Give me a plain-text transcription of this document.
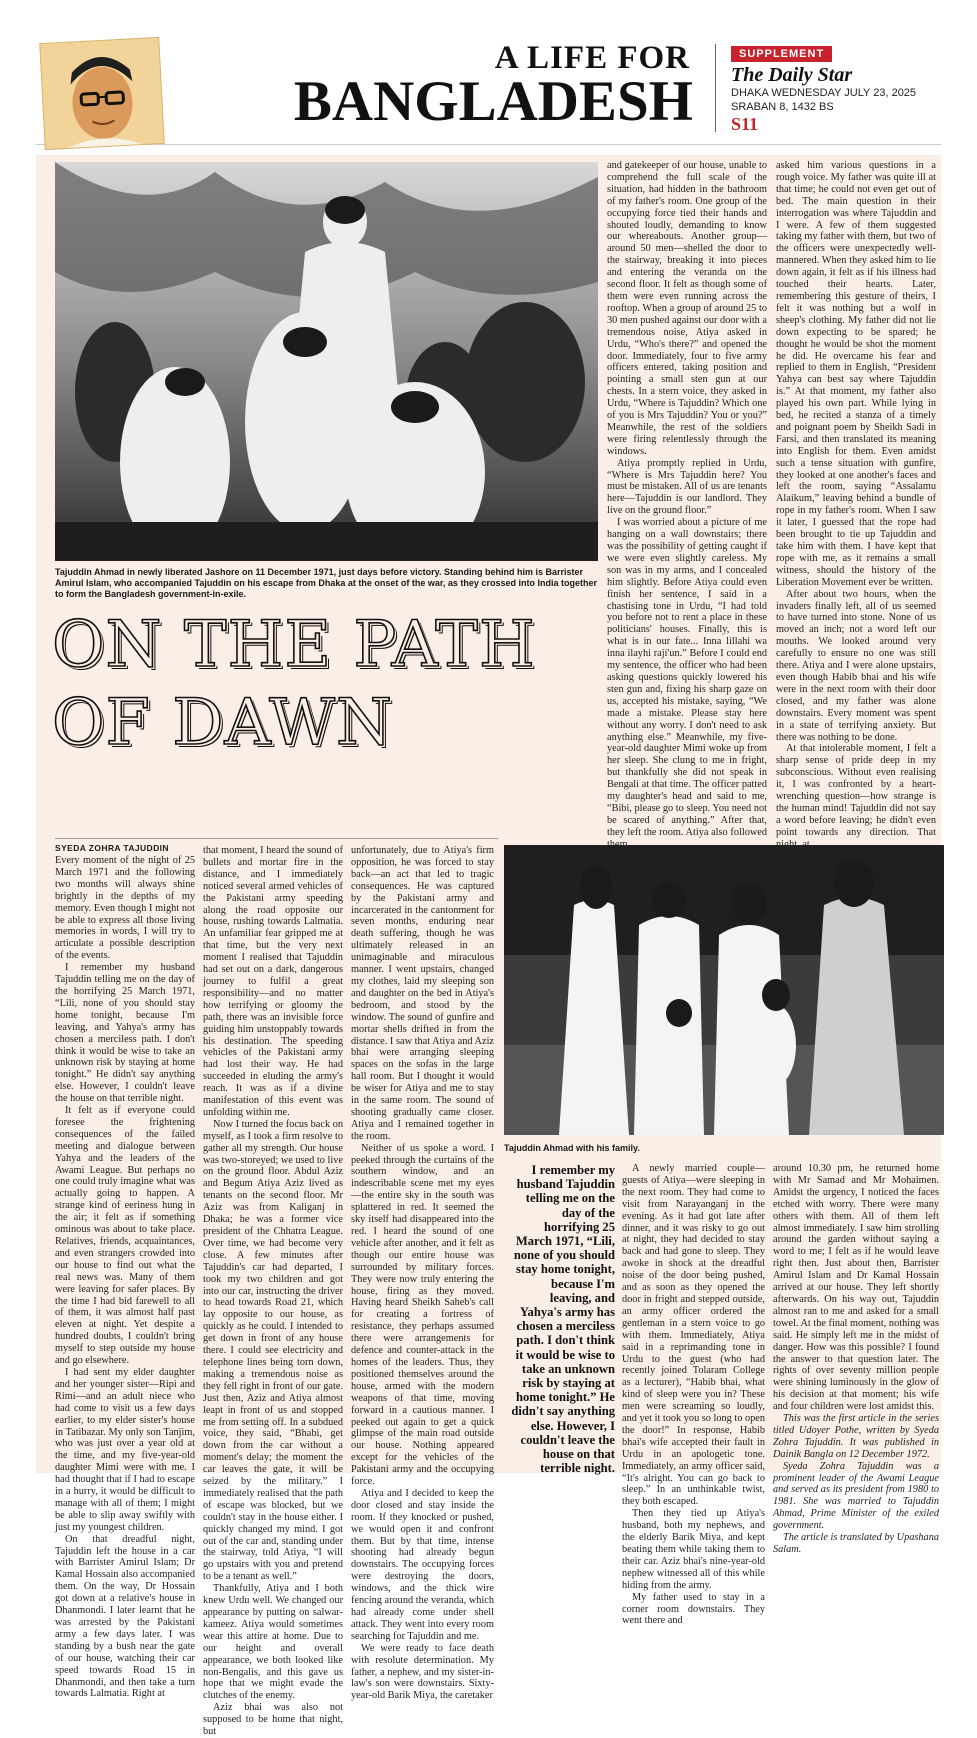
A LIFE FOR
BANGLADESH
SUPPLEMENT
The Daily Star
DHAKA WEDNESDAY JULY 23, 2025
SRABAN 8, 1432 BS
S11
Tajuddin Ahmad in newly liberated Jashore on 11 December 1971, just days before victory. Standing behind him is Barrister Amirul Islam, who accompanied Tajuddin on his escape from Dhaka at the onset of the war, as they crossed into India together to form the Bangladesh government-in-exile.
ON THE PATH
OF DAWN

and gatekeeper of our house, unable to comprehend the full scale of the situation, had hidden in the bathroom of my father's room. One group of the occupying force tied their hands and shouted loudly, demanding to know our whereabouts. Another group—around 50 men—shelled the door to the stairway, breaking it into pieces and entering the veranda on the second floor. It felt as though some of them were even running across the rooftop. When a group of around 25 to 30 men pushed against our door with a tremendous noise, Atiya asked in Urdu, “Who's there?” and opened the door. Immediately, four to five army officers entered, taking position and pointing a small sten gun at our chests. In a stern voice, they asked in Urdu, “Where is Tajuddin? Which one of you is Mrs Tajuddin? You or you?” Meanwhile, the rest of the soldiers were firing relentlessly through the windows.

Atiya promptly replied in Urdu, “Where is Mrs Tajuddin here? You must be mistaken. All of us are tenants here—Tajuddin is our landlord. They live on the ground floor.”

I was worried about a picture of me hanging on a wall downstairs; there was the possibility of getting caught if we were even slightly careless. My son was in my arms, and I concealed him slightly. Before Atiya could even finish her sentence, I said in a chastising tone in Urdu, “I had told you before not to rent a place in these politicians' houses. Finally, this is what is in our fate... Inna lillahi wa inna ilayhi raji'un.” Before I could end my sentence, the officer who had been asking questions quickly lowered his sten gun and, fixing his sharp gaze on us, accepted his mistake, saying, “We made a mistake. Please stay here without any worry. I don't need to ask anything else.” Meanwhile, my five-year-old daughter Mimi woke up from her sleep. She clung to me in fright, but thankfully she did not speak in Bengali at that time. The officer patted my daughter's head and said to me, “Bibi, please go to sleep. You need not be scared of anything.” After that, they left the room. Atiya also followed

asked him various questions in a rough voice. My father was quite ill at that time; he could not even get out of bed. The main question in their interrogation was where Tajuddin and I were. A few of them suggested taking my father with them, but two of the officers were unexpectedly well-mannered. When they asked him to lie down again, it felt as if his illness had touched their hearts. Later, remembering this gesture of theirs, I felt it was nothing but a wolf in sheep's clothing. My father did not lie down expecting to be spared; he thought he would be shot the moment he did. He overcame his fear and replied to them in English, “President Yahya can best say where Tajuddin is.” At that moment, my father also played his own part. While lying in bed, he recited a stanza of a timely and poignant poem by Sheikh Sadi in Farsi, and then translated its meaning into English for them. Even amidst such a tense situation with gunfire, they looked at one another's faces and left the room, saying “Assalamu Alaikum,” leaving behind a bundle of rope in my father's room. When I saw it later, I guessed that the rope had been brought to tie up Tajuddin and take him with them. I have kept that rope with me, as it remains a small witness, should the history of the Liberation Movement ever be written.

After about two hours, when the invaders finally left, all of us seemed to have turned into stone. None of us moved an inch; not a word left our mouths. We looked around very carefully to ensure no one was still there. Atiya and I were alone upstairs, even though Habib bhai and his wife were in the next room with their door closed, and my father was alone downstairs. Every moment was spent in a state of terrifying anxiety. But there was nothing to be done.

At that intolerable moment, I felt a sharp sense of pride deep in my subconscious. Without even realising it, I was confronted by a heart-wrenching question—how strange is the human mind! Tajuddin did not say a word before leaving; he didn't even point towards any direction. That

SYEDA ZOHRA TAJUDDIN

Every moment of the night of 25 March 1971 and the following two months will always shine brightly in the depths of my memory. Even though I might not be able to express all those living memories in words, I will try to articulate a possible description of the events.

I remember my husband Tajuddin telling me on the day of the horrifying 25 March 1971, “Lili, none of you should stay home tonight, because I'm leaving, and Yahya's army has chosen a merciless path. I don't think it would be wise to take an unknown risk by staying at home tonight.” He didn't say anything else. However, I couldn't leave the house on that terrible night.

It felt as if everyone could foresee the frightening consequences of the failed meeting and dialogue between Yahya and the leaders of the Awami League. But perhaps no one could truly imagine what was actually going to happen. A strange kind of eeriness hung in the air; it felt as if something ominous was about to take place. Relatives, friends, acquaintances, and even strangers crowded into our house to find out what the real news was. Many of them were leaving for safer places. By the time I had bid farewell to all of them, it was almost half past eleven at night. Yet despite a hundred doubts, I couldn't bring myself to step outside my house and go elsewhere.

I had sent my elder daughter and her younger sister—Ripi and Rimi—and an adult niece who had come to visit us a few days earlier, to my elder sister's house in Tatibazar. My only son Tanjim, who was just over a year old at the time, and my five-year-old daughter Mimi were with me. I had thought that if I had to escape in a hurry, it would be difficult to manage with all of them; I might be able to slip away swiftly with just my youngest children.

On that dreadful night, Tajuddin left the house in a car with Barrister Amirul Islam; Dr Kamal Hossain also accompanied them. On the way, Dr Hossain got down at a relative's house in Dhanmondi. I later learnt that he was arrested by the Pakistani army a few days later. I was standing by a bush near the gate of our house, watching their car speed towards Road 15 in Dhanmondi, and then take a turn towards Lalmatia. Right at

that moment, I heard the sound of bullets and mortar fire in the distance, and I immediately noticed several armed vehicles of the Pakistani army speeding along the road opposite our house, rushing towards Lalmatia. An unfamiliar fear gripped me at that time, but the very next moment I realised that Tajuddin had set out on a dark, dangerous journey to fulfil a great responsibility—and no matter how terrifying or gloomy the path, there was an invisible force guiding him unstoppably towards his destination. The speeding vehicles of the Pakistani army had lost their way. He had succeeded in eluding the army's reach. It was as if a divine manifestation of this event was unfolding within me.

Now I turned the focus back on myself, as I took a firm resolve to gather all my strength. Our house was two-storeyed; we used to live on the ground floor. Abdul Aziz and Begum Atiya Aziz lived as tenants on the second floor. Mr Aziz was from Kaliganj in Dhaka; he was a former vice president of the Chhatra League. Over time, we had become very close. A few minutes after Tajuddin's car had departed, I took my two children and got into our car, instructing the driver to head towards Road 21, which lay opposite to our house, as quickly as he could. I intended to get down in front of any house there. I could see electricity and telephone lines being torn down, making a tremendous noise as they fell right in front of our gate. Just then, Aziz and Atiya almost leapt in front of us and stopped me from setting off. In a subdued voice, they said, “Bhabi, get down from the car without a moment's delay; the moment the car leaves the gate, it will be seized by the military.” I immediately realised that the path of escape was blocked, but we couldn't stay in the house either. I quickly changed my mind. I got out of the car and, standing under the stairway, told Atiya, “I will go upstairs with you and pretend to be a tenant as well.”

Thankfully, Atiya and I both knew Urdu well. We changed our appearance by putting on salwar-kameez. Atiya would sometimes wear this attire at home. Due to our height and overall appearance, we both looked like non-Bengalis, and this gave us hope that we might evade the clutches of the enemy.

Aziz bhai was also not supposed to be home that night, but

unfortunately, due to Atiya's firm opposition, he was forced to stay back—an act that led to tragic consequences. He was captured by the Pakistani army and incarcerated in the cantonment for seven months, enduring near death suffering, though he was ultimately released in an unimaginable and miraculous manner. I went upstairs, changed my clothes, laid my sleeping son and daughter on the bed in Atiya's bedroom, and stood by the window. The sound of gunfire and mortar shells drifted in from the distance. I saw that Atiya and Aziz bhai were arranging sleeping spaces on the sofas in the large hall room. But I thought it would be wiser for Atiya and me to stay in the same room. The sound of shooting gradually came closer. Atiya and I remained together in the room.

Neither of us spoke a word. I peeked through the curtains of the southern window, and an indescribable scene met my eyes—the entire sky in the south was splattered in red. It seemed the sky itself had disappeared into the red. I heard the sound of one vehicle after another, and it felt as though our entire house was surrounded by military forces. They were now truly entering the house, firing as they moved. Having heard Sheikh Saheb's call for creating a fortress of resistance, they perhaps assumed there were arrangements for defence and counter-attack in the homes of the leaders. Thus, they positioned themselves around the house, armed with the modern weapons of that time, moving forward in a cautious manner. I peeked out again to get a quick glimpse of the main road outside our house. Nothing appeared except for the vehicles of the Pakistani army and the occupying force.

Atiya and I decided to keep the door closed and stay inside the room. If they knocked or pushed, we would open it and confront them. But by that time, intense shooting had already begun downstairs. The occupying forces were destroying the doors, windows, and the thick wire fencing around the veranda, which had already come under shell attack. They went into every room searching for Tajuddin and me.

We were ready to face death with resolute determination. My father, a nephew, and my sister-in-law's son were downstairs. Sixty-year-old Barik Miya, the caretaker

Tajuddin Ahmad with his family.
I remember my husband Tajuddin telling me on the day of the horrifying 25 March 1971, “Lili, none of you should stay home tonight, because I'm leaving, and Yahya's army has chosen a merciless path. I don't think it would be wise to take an unknown risk by staying at home tonight.” He didn't say anything else. However, I couldn't leave the house on that terrible night.

A newly married couple—guests of Atiya—were sleeping in the next room. They had come to visit from Narayanganj in the evening. As it had got late after dinner, and it was risky to go out at night, they had decided to stay back and had gone to sleep. They awoke in shock at the dreadful noise of the door being pushed, and as soon as they opened the door in fright and stepped outside, an army officer ordered the gentleman in a stern voice to go with them. Immediately, Atiya said in a reprimanding tone in Urdu to the guest (who had recently joined Tolaram College as a lecturer), “Habib bhai, what kind of sleep were you in? These men were screaming so loudly, and yet it took you so long to open the door!” In response, Habib bhai's wife accepted their fault in Urdu in an apologetic tone. Immediately, an army officer said, “It's alright. You can go back to sleep.” In an unthinkable twist, they both escaped.

Then they tied up Atiya's husband, both my nephews, and the elderly Barik Miya, and kept beating them while taking them to their car. Aziz bhai's nine-year-old nephew witnessed all of this while hiding from the army.

My father used to stay in a corner room downstairs. They went there and

around 10.30 pm, he returned home with Mr Samad and Mr Mohaimen. Amidst the urgency, I noticed the faces etched with worry. There were many others with them. All of them left almost immediately. I saw him strolling around the garden without saying a word to me; I felt as if he would leave right then. Just about then, Barrister Amirul Islam and Dr Kamal Hossain arrived at our house. They left shortly afterwards. On his way out, Tajuddin almost ran to me and asked for a small towel. At the final moment, nothing was said. He simply left me in the midst of danger. How was this possible? I found the answer to that question later. The rights of over seventy million people were shining luminously in the glow of his decision at that moment; his wife and four children were lost amidst this.

This was the first article in the series titled Udoyer Pothe, written by Syeda Zohra Tajuddin. It was published in Dainik Bangla on 12 December 1972.

Syeda Zohra Tajuddin was a prominent leader of the Awami League and served as its president from 1980 to 1981. She was married to Tajuddin Ahmad, Prime Minister of the exiled government.

The article is translated by Upashana Salam.
